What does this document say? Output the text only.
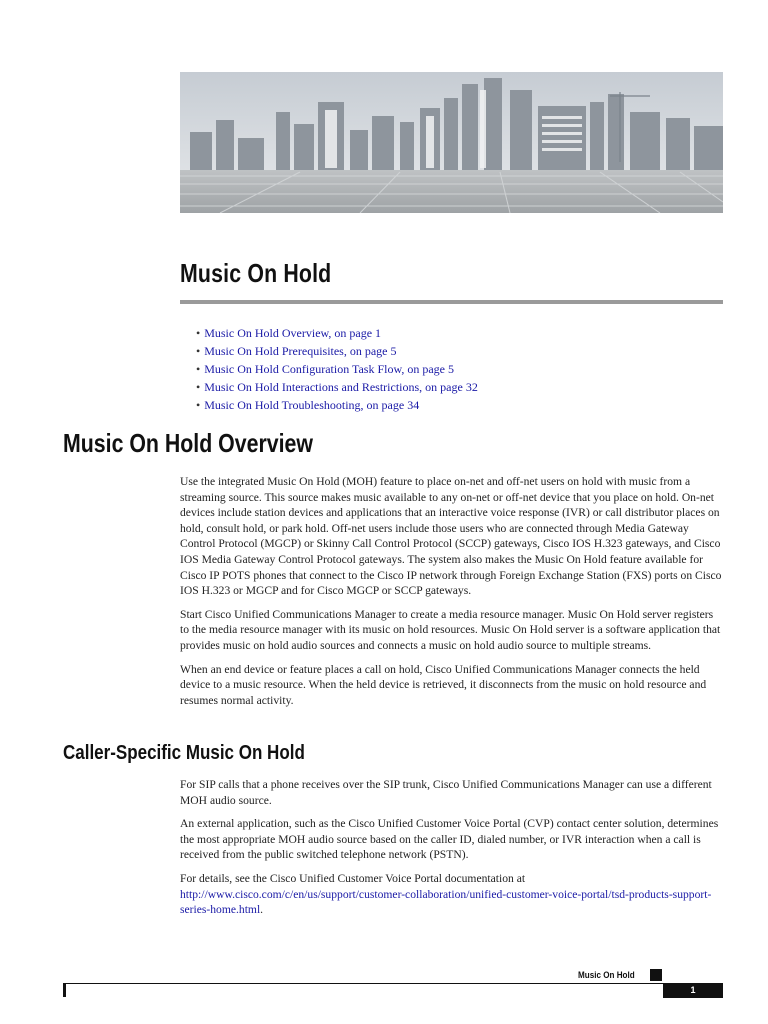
Music On Hold
• Music On Hold Overview, on page 1
• Music On Hold Prerequisites, on page 5
• Music On Hold Configuration Task Flow, on page 5
• Music On Hold Interactions and Restrictions, on page 32
• Music On Hold Troubleshooting, on page 34
Music On Hold Overview

Use the integrated Music On Hold (MOH) feature to place on-net and off-net users on hold with music from a streaming source. This source makes music available to any on-net or off-net device that you place on hold. On-net devices include station devices and applications that an interactive voice response (IVR) or call distributor places on hold, consult hold, or park hold. Off-net users include those users who are connected through Media Gateway Control Protocol (MGCP) or Skinny Call Control Protocol (SCCP) gateways, Cisco IOS H.323 gateways, and Cisco IOS Media Gateway Control Protocol gateways. The system also makes the Music On Hold feature available for Cisco IP POTS phones that connect to the Cisco IP network through Foreign Exchange Station (FXS) ports on Cisco IOS H.323 or MGCP and for Cisco MGCP or SCCP gateways.

Start Cisco Unified Communications Manager to create a media resource manager. Music On Hold server registers to the media resource manager with its music on hold resources. Music On Hold server is a software application that provides music on hold audio sources and connects a music on hold audio source to multiple streams.

When an end device or feature places a call on hold, Cisco Unified Communications Manager connects the held device to a music resource. When the held device is retrieved, it disconnects from the music on hold resource and resumes normal activity.

Caller-Specific Music On Hold

For SIP calls that a phone receives over the SIP trunk, Cisco Unified Communications Manager can use a different MOH audio source.

An external application, such as the Cisco Unified Customer Voice Portal (CVP) contact center solution, determines the most appropriate MOH audio source based on the caller ID, dialed number, or IVR interaction when a call is received from the public switched telephone network (PSTN).

For details, see the Cisco Unified Customer Voice Portal documentation at http://www.cisco.com/c/en/us/support/customer-collaboration/unified-customer-voice-portal/tsd-products-support-series-home.html.

Music On Hold
1
